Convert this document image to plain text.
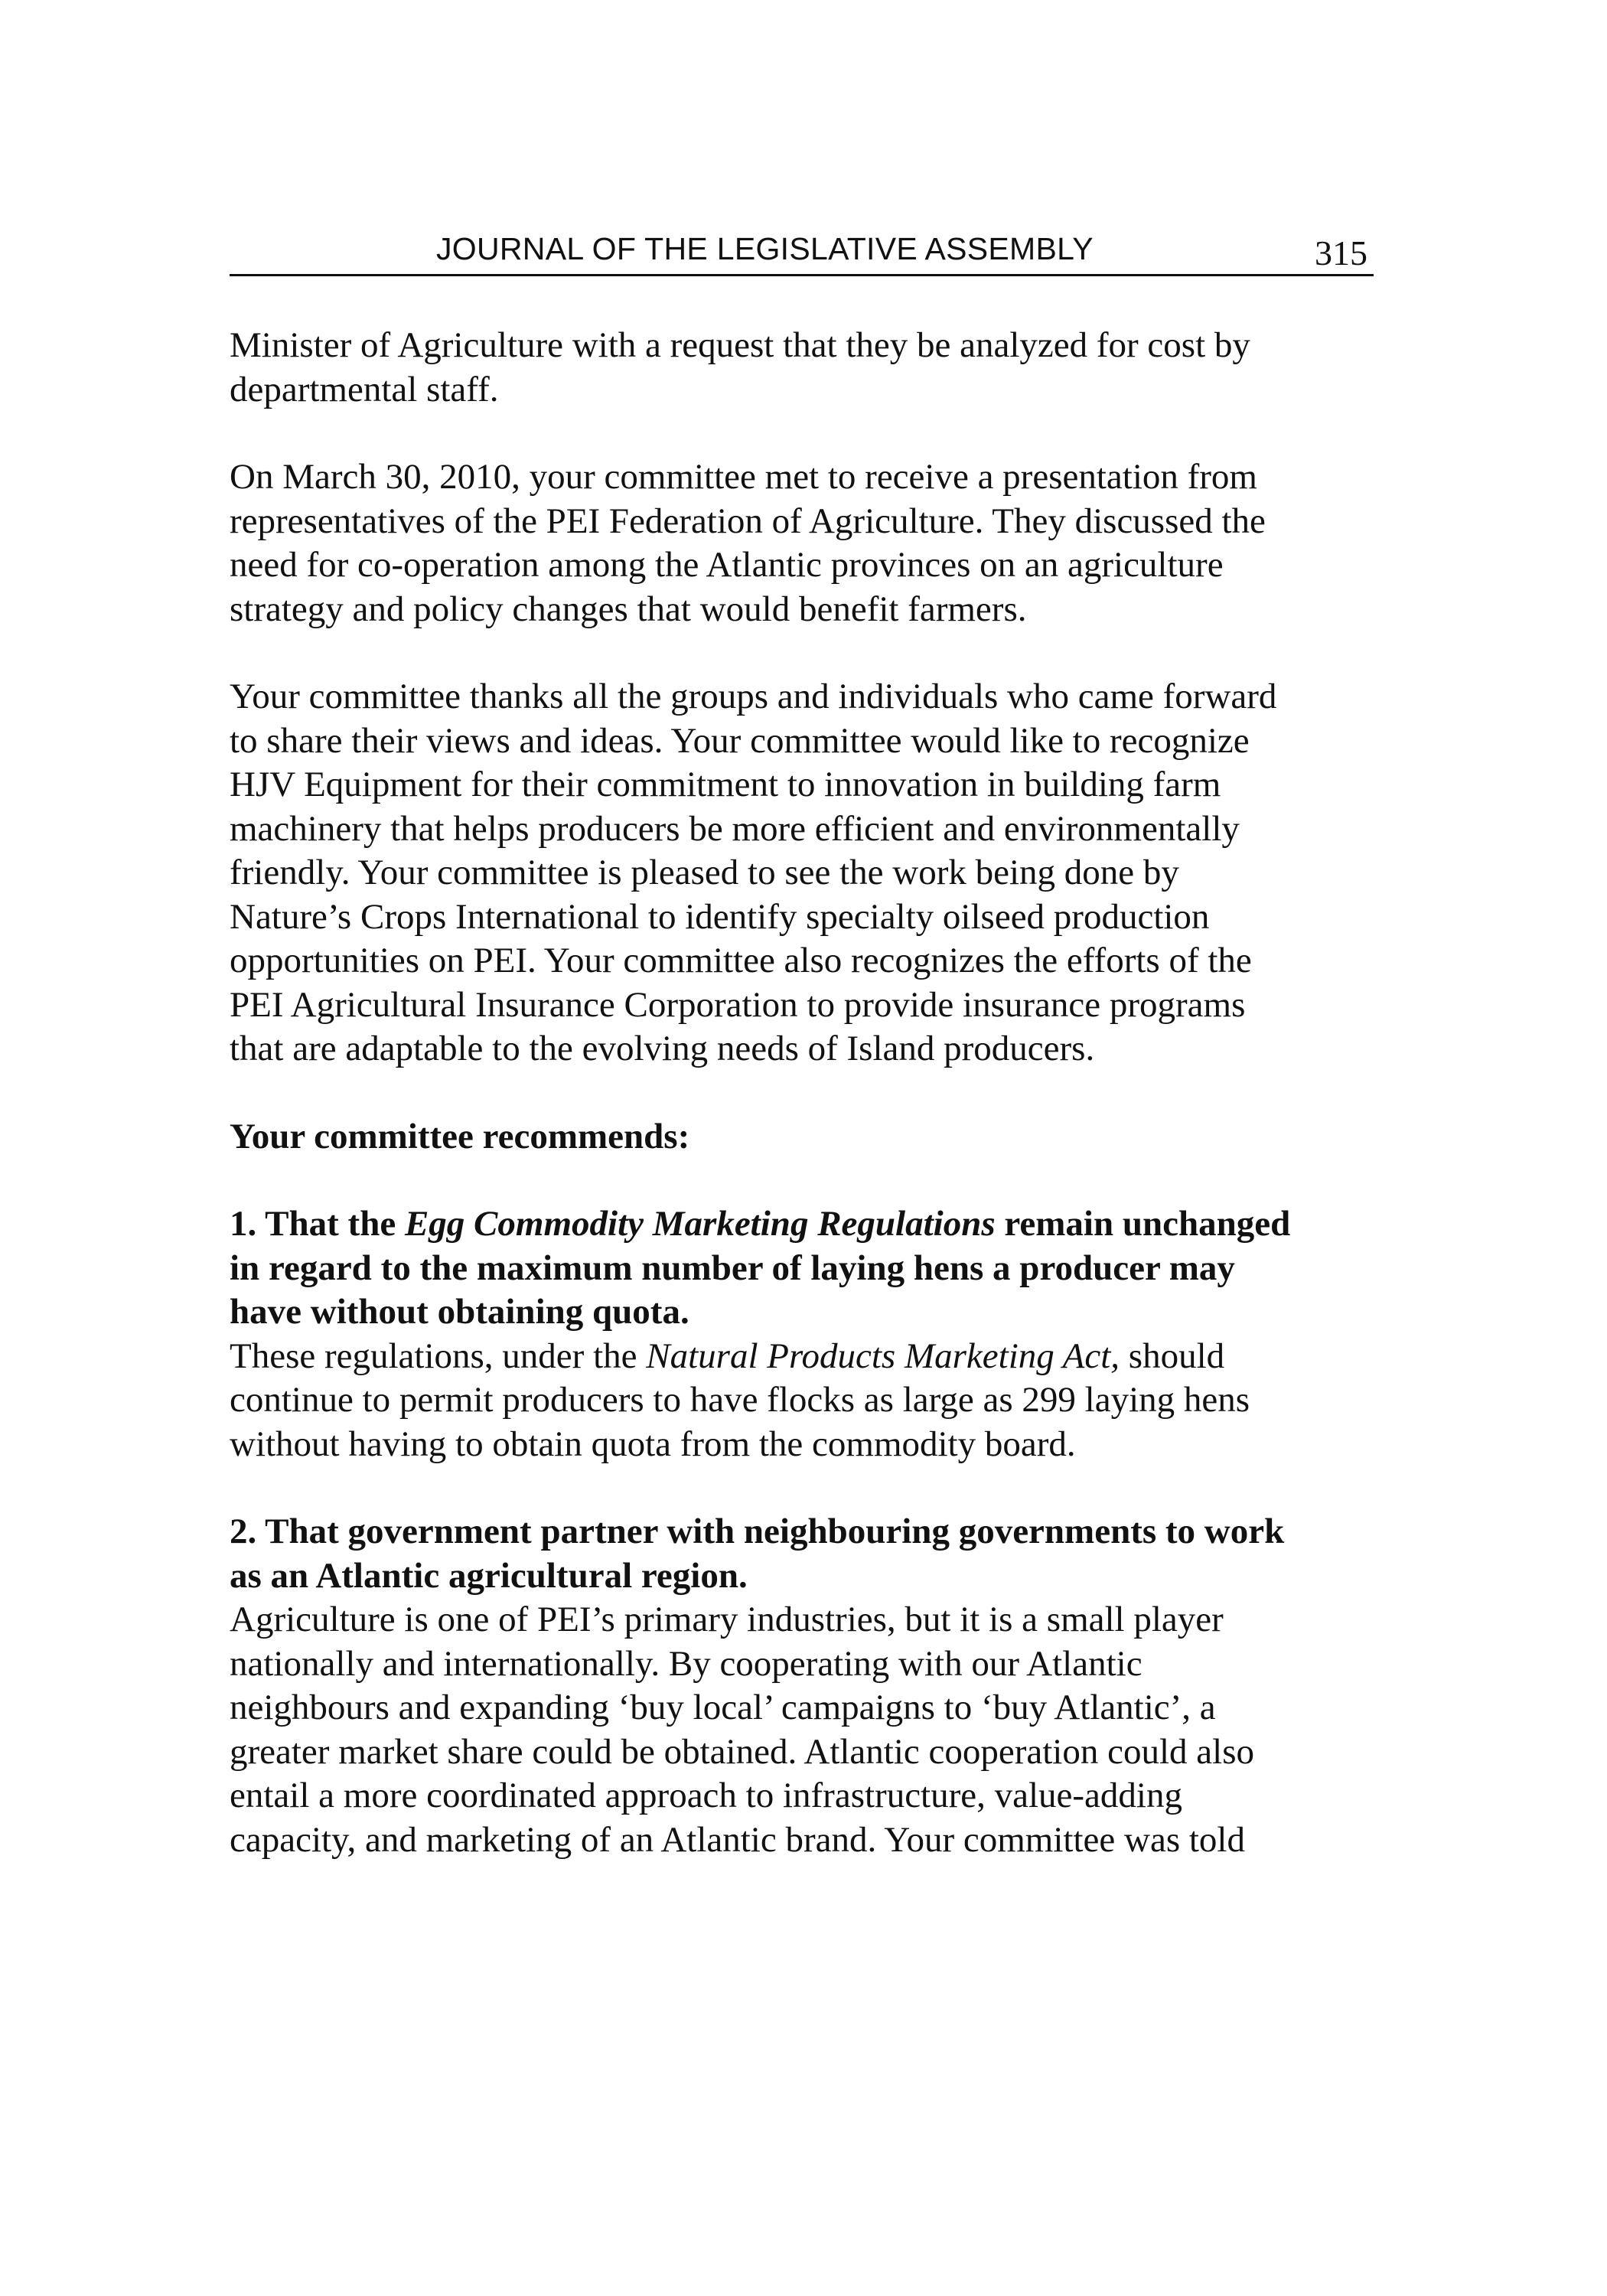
JOURNAL OF THE LEGISLATIVE ASSEMBLY	315

Minister of Agriculture with a request that they be analyzed for cost by
departmental staff.

On March 30, 2010, your committee met to receive a presentation from
representatives of the PEI Federation of Agriculture. They discussed the
need for co-operation among the Atlantic provinces on an agriculture
strategy and policy changes that would benefit farmers.

Your committee thanks all the groups and individuals who came forward
to share their views and ideas. Your committee would like to recognize
HJV Equipment for their commitment to innovation in building farm
machinery that helps producers be more efficient and environmentally
friendly. Your committee is pleased to see the work being done by
Nature’s Crops International to identify specialty oilseed production
opportunities on PEI. Your committee also recognizes the efforts of the
PEI Agricultural Insurance Corporation to provide insurance programs
that are adaptable to the evolving needs of Island producers.

Your committee recommends:
1. That the Egg Commodity Marketing Regulations remain unchanged
in regard to the maximum number of laying hens a producer may
have without obtaining quota.
These regulations, under the Natural Products Marketing Act, should
continue to permit producers to have flocks as large as 299 laying hens
without having to obtain quota from the commodity board.
2. That government partner with neighbouring governments to work
as an Atlantic agricultural region.
Agriculture is one of PEI’s primary industries, but it is a small player
nationally and internationally. By cooperating with our Atlantic
neighbours and expanding ‘buy local’ campaigns to ‘buy Atlantic’, a
greater market share could be obtained. Atlantic cooperation could also
entail a more coordinated approach to infrastructure, value-adding
capacity, and marketing of an Atlantic brand. Your committee was told
